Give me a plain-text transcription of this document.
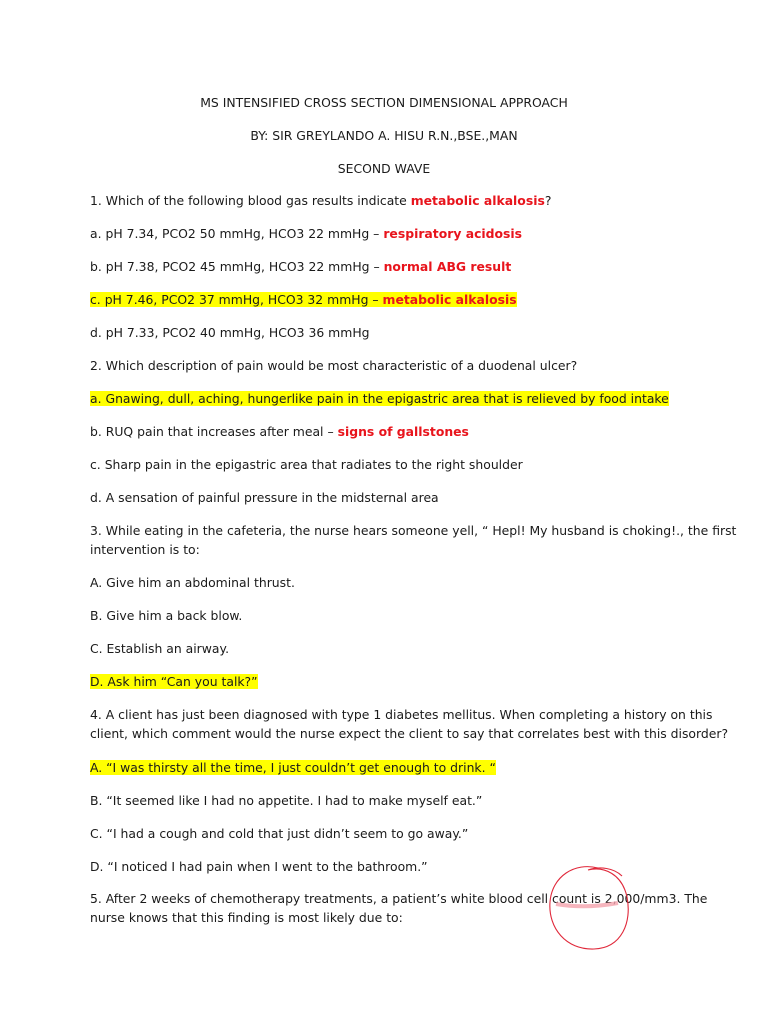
MS INTENSIFIED CROSS SECTION DIMENSIONAL APPROACH
BY: SIR GREYLANDO A. HISU R.N.,BSE.,MAN
SECOND WAVE
1. Which of the following blood gas results indicate metabolic alkalosis?
a. pH 7.34, PCO2 50 mmHg, HCO3 22 mmHg – respiratory acidosis
b. pH 7.38, PCO2 45 mmHg, HCO3 22 mmHg – normal ABG result
c. pH 7.46, PCO2 37 mmHg, HCO3 32 mmHg – metabolic alkalosis
d. pH 7.33, PCO2 40 mmHg, HCO3 36 mmHg
2. Which description of pain would be most characteristic of a duodenal ulcer?
a. Gnawing, dull, aching, hungerlike pain in the epigastric area that is relieved by food intake
b. RUQ pain that increases after meal – signs of gallstones
c. Sharp pain in the epigastric area that radiates to the right shoulder
d. A sensation of painful pressure in the midsternal area
3. While eating in the cafeteria, the nurse hears someone yell, “ Hepl! My husband is choking!., the first
intervention is to:
A. Give him an abdominal thrust.
B. Give him a back blow.
C. Establish an airway.
D. Ask him “Can you talk?”
4. A client has just been diagnosed with type 1 diabetes mellitus. When completing a history on this
client, which comment would the nurse expect the client to say that correlates best with this disorder?
A. “I was thirsty all the time, I just couldn’t get enough to drink. “
B. “It seemed like I had no appetite. I had to make myself eat.”
C. “I had a cough and cold that just didn’t seem to go away.”
D. “I noticed I had pain when I went to the bathroom.”
5. After 2 weeks of chemotherapy treatments, a patient’s white blood cell count is 2,000/mm3. The
nurse knows that this finding is most likely due to:
